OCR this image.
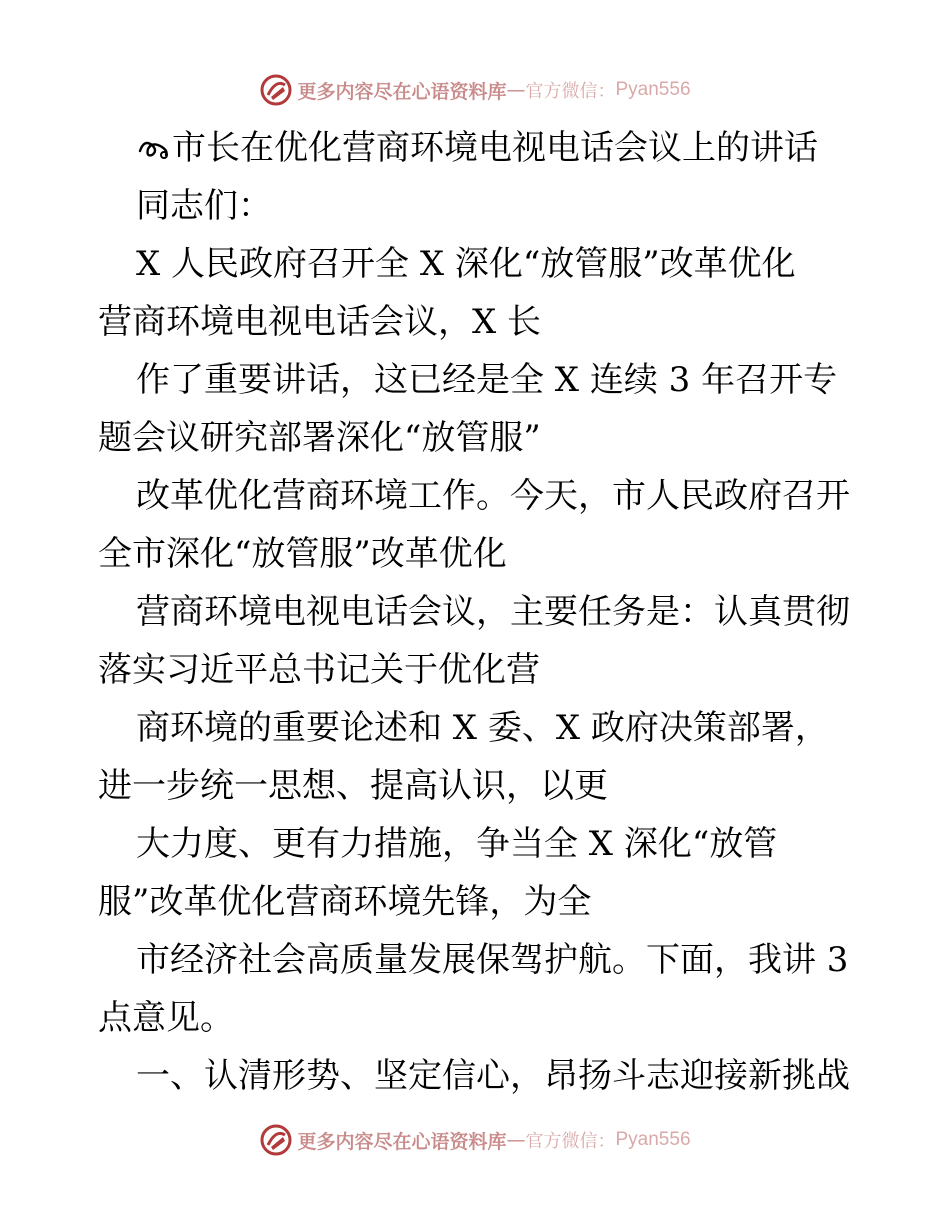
更多内容尽在心语资料库 — 官方微信： Pyan556
市长在优化营商环境电视电话会议上的讲话
同志们：
X 人民政府召开全 X 深化“放管服”改革优化
营商环境电视电话会议，X 长
作了重要讲话，这已经是全 X 连续 3 年召开专
题会议研究部署深化“放管服”
改革优化营商环境工作。今天，市人民政府召开
全市深化“放管服”改革优化
营商环境电视电话会议，主要任务是：认真贯彻
落实习近平总书记关于优化营
商环境的重要论述和 X 委、X 政府决策部署，
进一步统一思想、提高认识，以更
大力度、更有力措施，争当全 X 深化“放管
服”改革优化营商环境先锋，为全
市经济社会高质量发展保驾护航。下面，我讲 3
点意见。
一、认清形势、坚定信心，昂扬斗志迎接新挑战
更多内容尽在心语资料库 — 官方微信： Pyan556
